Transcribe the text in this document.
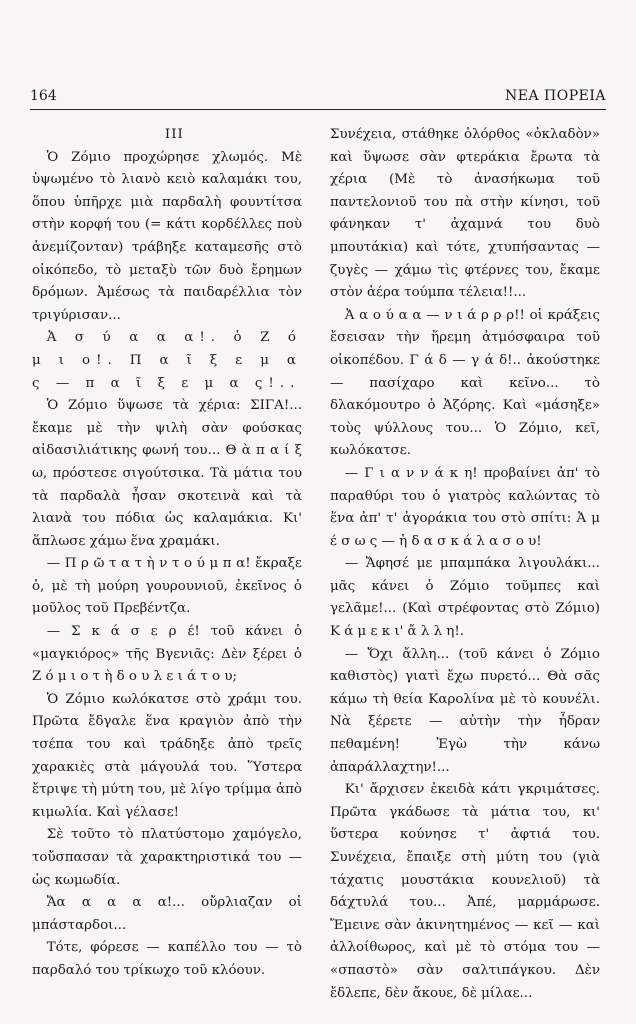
164	ΝΕΑ ΠΟΡΕΙΑ

III

Ὁ Ζόμιο προχώρησε χλωμός. Μὲ ὑψωμένο τὸ λιανὸ κειὸ καλαμάκι του, ὅπου ὑπῆρχε μιὰ παρδαλὴ φουντίτσα στὴν κορφή του (= κάτι κορδέλλες ποὺ ἀνεμίζονταν) τράβηξε καταμεσῆς στὸ οἰκόπεδο, τὸ μεταξὺ τῶν δυὸ ἔρημων δρόμων. Ἀμέσως τὰ παιδαρέλλια τὸν τριγύρισαν...

Ἀ σ ύ α α α!. ὁ Ζ ό μ ι ο!. Π α ῖ ξ ε μ α ς — π α ῖ ξ ε μ α ς!..

Ὁ Ζόμιο ὕψωσε τὰ χέρια: ΣΙΓΑ!... ἔκαμε μὲ τὴν ψιλὴ σὰν φούσκας αἰδασιλιάτικης φωνή του... Θ ὰ π α ί ξ ω, πρόστεσε σιγούτσικα. Τὰ μάτια του τὰ παρδαλὰ ἦσαν σκοτεινὰ καὶ τὰ λιανὰ του πόδια ὡς καλαμάκια. Κι' ἅπλωσε χάμω ἕνα χραμάκι.

— Π ρ ῶ τ α τ ὴ ν τ ο ύ μ π α! ἔκραξε ὁ, μὲ τὴ μούρη γουρουνιοῦ, ἐκεῖνος ὁ μοῦλος τοῦ Πρεβέντζα.

— Σ κ ά σ ε ρ έ! τοῦ κάνει ὁ «μαγκιόρος» τῆς Βγενιᾶς: Δὲν ξέρει ὁ Ζ ό μ ι ο τ ὴ δ ο υ λ ε ι ά τ ο υ;

Ὁ Ζόμιο κωλόκατσε στὸ χράμι του. Πρῶτα ἔδγαλε ἕνα κραγιὸν ἀπὸ τὴν τσέπα του καὶ τράδηξε ἀπὸ τρεῖς χαρακιὲς στὰ μάγουλά του. Ὕστερα ἔτριψε τὴ μύτη του, μὲ λίγο τρίμμα ἀπὸ κιμωλία. Καὶ γέλασε!

Σὲ τοῦτο τὸ πλατύστομο χαμόγελο, τοὔσπασαν τὰ χαρακτηριστικά του — ὡς κωμωδία.

Ἄα α α α α!... οὔρλιαζαν οἱ μπάσταρδοι...

Τότε, φόρεσε — καπέλλο του — τὸ παρδαλό του τρίκωχο τοῦ κλόουν.

Συνέχεια, στάθηκε ὀλόρθος «ὀκλαδὸν» καὶ ὕψωσε σὰν φτεράκια ἔρωτα τὰ χέρια (Μὲ τὸ ἀνασήκωμα τοῦ παντελονιοῦ του πὰ στὴν κίνησι, τοῦ φάνηκαν τ' ἀχαμνά του δυὸ μπουτάκια) καὶ τότε, χτυπήσαντας — ζυγὲς — χάμω τὶς φτέρνες του, ἔκαμε στὸν ἀέρα τούμπα τέλεια!!...

Ἀ α ο ύ α α — ν ι ά ρ ρ ρ!! οἱ κράξεις ἔσεισαν τὴν ἥρεμη ἀτμόσφαιρα τοῦ οἰκοπέδου. Γ ά δ — γ ά δ!.. ἀκούστηκε — πασίχαρο καὶ κεῖνο... τὸ δλακόμουτρο ὁ Ἀζόρης. Καὶ «μάσηξε» τοὺς ψύλλους του... Ὁ Ζόμιο, κεῖ, κωλόκατσε.

— Γ ι α ν ν ά κ η! προβαίνει ἀπ' τὸ παραθύρι του ὁ γιατρὸς καλώντας τὸ ἕνα ἀπ' τ' ἀγοράκια του στὸ σπίτι: Ἀ μ έ σ ω ς — ἡ δ α σ κ ά λ α σ ο υ!

— Ἄφησέ με μπαμπάκα λιγουλάκι... μᾶς κάνει ὁ Ζόμιο τοῦμπες καὶ γελᾶμε!... (Καὶ στρέφοντας στὸ Ζόμιο) Κ ά μ ε κ ι' ἄ λ λ η!.

— Ὄχι ἄλλη... (τοῦ κάνει ὁ Ζόμιο καθιστὸς) γιατὶ ἔχω πυρετό... Θὰ σᾶς κάμω τὴ θεία Καρολίνα μὲ τὸ κουνέλι. Νὰ ξέρετε — αὐτὴν τὴν ἦδραν πεθαμένη! Ἐγὼ τὴν κάνω ἀπαράλλαχτην!...

Κι' ἄρχισεν ἐκειδὰ κάτι γκριμάτσες. Πρῶτα γκάδωσε τὰ μάτια του, κι' ὕστερα κούνησε τ' ἀφτιά του. Συνέχεια, ἔπαιξε στὴ μύτη του (γιὰ τάχατις μουστάκια κουνελιοῦ) τὰ δάχτυλά του... Ἀπέ, μαρμάρωσε. Ἔμεινε σὰν ἀκινητημένος — κεῖ — καὶ ἀλλοίθωρος, καὶ μὲ τὸ στόμα του — «σπαστὸ» σὰν σαλτιπάγκου. Δὲν ἔδλεπε, δὲν ἄκουε, δὲ μίλαε...
